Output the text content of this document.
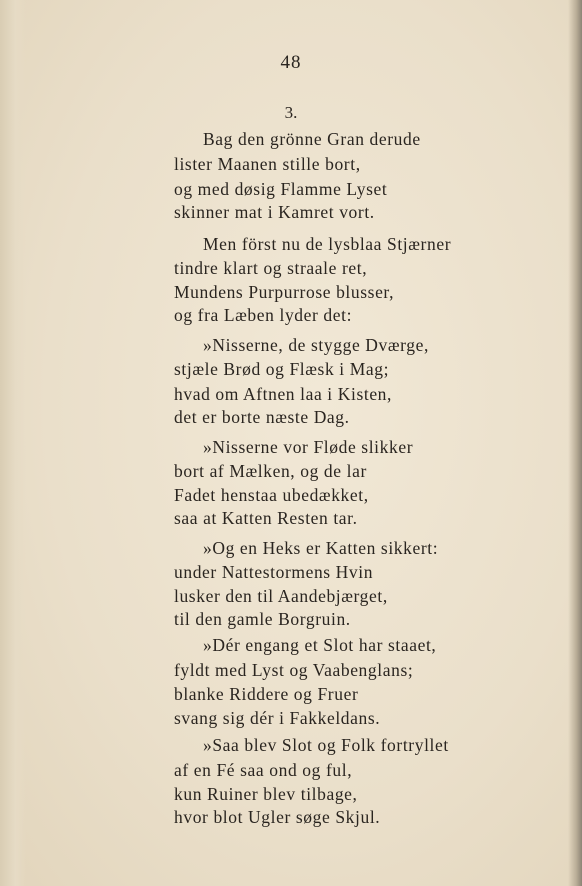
48
3.
Bag den grönne Gran derude
lister Maanen stille bort,
og med døsig Flamme Lyset
skinner mat i Kamret vort.
Men först nu de lysblaa Stjærner
tindre klart og straale ret,
Mundens Purpurrose blusser,
og fra Læben lyder det:
»Nisserne, de stygge Dværge,
stjæle Brød og Flæsk i Mag;
hvad om Aftnen laa i Kisten,
det er borte næste Dag.
»Nisserne vor Fløde slikker
bort af Mælken, og de lar
Fadet henstaa ubedækket,
saa at Katten Resten tar.
»Og en Heks er Katten sikkert:
under Nattestormens Hvin
lusker den til Aandebjærget,
til den gamle Borgruin.
»Dér engang et Slot har staaet,
fyldt med Lyst og Vaabenglans;
blanke Riddere og Fruer
svang sig dér i Fakkeldans.
»Saa blev Slot og Folk fortryllet
af en Fé saa ond og ful,
kun Ruiner blev tilbage,
hvor blot Ugler søge Skjul.
